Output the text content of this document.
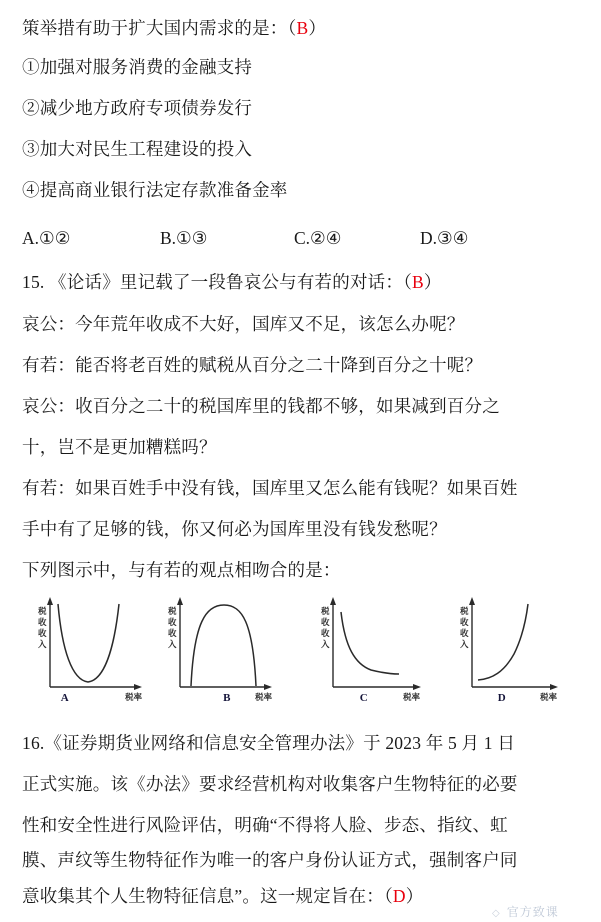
策举措有助于扩大国内需求的是：（B）
①加强对服务消费的金融支持
②减少地方政府专项债券发行
③加大对民生工程建设的投入
④提高商业银行法定存款准备金率
A.①②	B.①③	C.②④	D.③④
15. 《论话》里记载了一段鲁哀公与有若的对话：（B）
哀公：今年荒年收成不大好，国库又不足，该怎么办呢？
有若：能否将老百姓的赋税从百分之二十降到百分之十呢？
哀公：收百分之二十的税国库里的钱都不够，如果减到百分之
十，岂不是更加糟糕吗？
有若：如果百姓手中没有钱，国库里又怎么能有钱呢？如果百姓
手中有了足够的钱，你又何必为国库里没有钱发愁呢？
下列图示中，与有若的观点相吻合的是：
税
收
收
入
税率
A
税
收
收
入
税率
B
税
收
收
入
税率
C
税
收
收
入
税率
D
16.《证券期货业网络和信息安全管理办法》于 2023 年 5 月 1 日
正式实施。该《办法》要求经营机构对收集客户生物特征的必要
性和安全性进行风险评估，明确“不得将人脸、步态、指纹、虹
膜、声纹等生物特征作为唯一的客户身份认证方式，强制客户同
意收集其个人生物特征信息”。这一规定旨在：（D）
◇ 官方致课
